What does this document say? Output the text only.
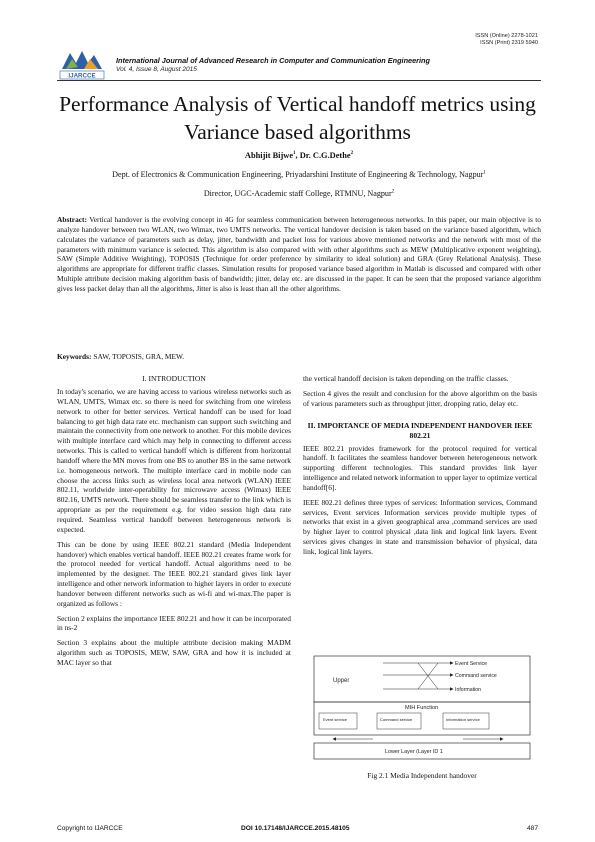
ISSN (Online) 2278-1021
ISSN (Print) 2319 5940
IJARCCE
International Journal of Advanced Research in Computer and Communication Engineering
Vol. 4, Issue 8, August 2015
Performance Analysis of Vertical handoff metrics using Variance based algorithms
Abhijit Bijwe$^1$, Dr. C.G.Dethe$^2$
Dept. of Electronics & Communication Engineering, Priyadarshini Institute of Engineering & Technology, Nagpur$^1$
Director, UGC-Academic staff College, RTMNU, Nagpur$^2$
Abstract: Vertical handover is the evolving concept in 4G for seamless communication between heterogeneous networks. In this paper, our main objective is to analyze handover between two WLAN, two Wimax, two UMTS networks. The vertical handover decision is taken based on the variance based algorithm, which calculates the variance of parameters such as delay, jitter, bandwidth and packet loss for various above mentioned networks and the network with most of the parameters with minimum variance is selected. This algorithm is also compared with with other algorithms such as MEW (Multiplicative exponent weighting), SAW (Simple Additive Weighting), TOPOSIS (Technique for order preference by similarity to ideal solution) and GRA (Grey Relational Analysis). These algorithms are appropriate for different traffic classes. Simulation results for proposed variance based algorithm in Matlab is discussed and compared with other Multiple attribute decision making algorithm basis of bandwidth; jitter, delay etc. are discussed in the paper. It can be seen that the proposed variance algorithm gives less packet delay than all the algorithms, Jitter is also is least than all the other algorithms.
Keywords: SAW, TOPOSIS, GRA, MEW.
I. INTRODUCTION

In today's scenario, we are having access to various wireless networks such as WLAN, UMTS, Wimax etc. so there is need for switching from one wireless network to other for better services. Vertical handoff can be used for load balancing to get high data rate etc. mechanism can support such switching and maintain the connectivity from one network to another. For this mobile devices with multiple interface card which may help in connecting to different access networks. This is called to vertical handoff which is different from horizontal handoff where the MN moves from one BS to another BS in the same network i.e. homogeneous network. The multiple interface card in mobile node can choose the access links such as wireless local area network (WLAN) IEEE 802.11, worldwide inter-operability for microwave access (Wimax) IEEE 802.16, UMTS network. There should be seamless transfer to the link which is appropriate as per the requirement e.g. for video session high data rate required. Seamless vertical handoff between heterogeneous network is expected.

This can be done by using IEEE 802.21 standard (Media Independent handover) which enables vertical handoff. IEEE 802.21 creates frame work for the protocol needed for vertical handoff. Actual algorithms need to be implemented by the designer. The IEEE 802.21 standard gives link layer intelligence and other network information to higher layers in order to execute handover between different networks such as wi-fi and wi-max.The paper is organized as follows :

Section 2 explains the importance IEEE 802.21 and how it can be incorporated in ns-2

Section 3 explains about the multiple attribute decision making MADM algorithm such as TOPOSIS, MEW, SAW, GRA and how it is included at MAC layer so that

the vertical handoff decision is taken depending on the traffic classes.

Section 4 gives the result and conclusion for the above algorithm on the basis of various parameters such as throughput jitter, dropping ratio, delay etc.

II. IMPORTANCE OF MEDIA INDEPENDENT HANDOVER IEEE 802.21

IEEE 802.21 provides framework for the protocol required for vertical handoff. It facilitates the seamless handover between heterogeneous network supporting different technologies. This standard provides link layer intelligence and related network information to upper layer to optimize vertical handoff[6].

IEEE 802.21 defines three types of services: Information services, Command services, Event services Information services provide multiple types of networks that exist in a given geographical area ,command services are used by higher layer to control physical ,data link and logical link layers. Event services gives changes in state and transmission behavior of physical, data link, logical link layers.

Upper
Event Service
Command service
Information
MIH Function
Event service	Command service	Information service
Lower Layer (Layer ID 1
Fig 2.1 Media Independent handover
Copyright to IJARCCE	DOI 10.17148/IJARCCE.2015.48105	487
